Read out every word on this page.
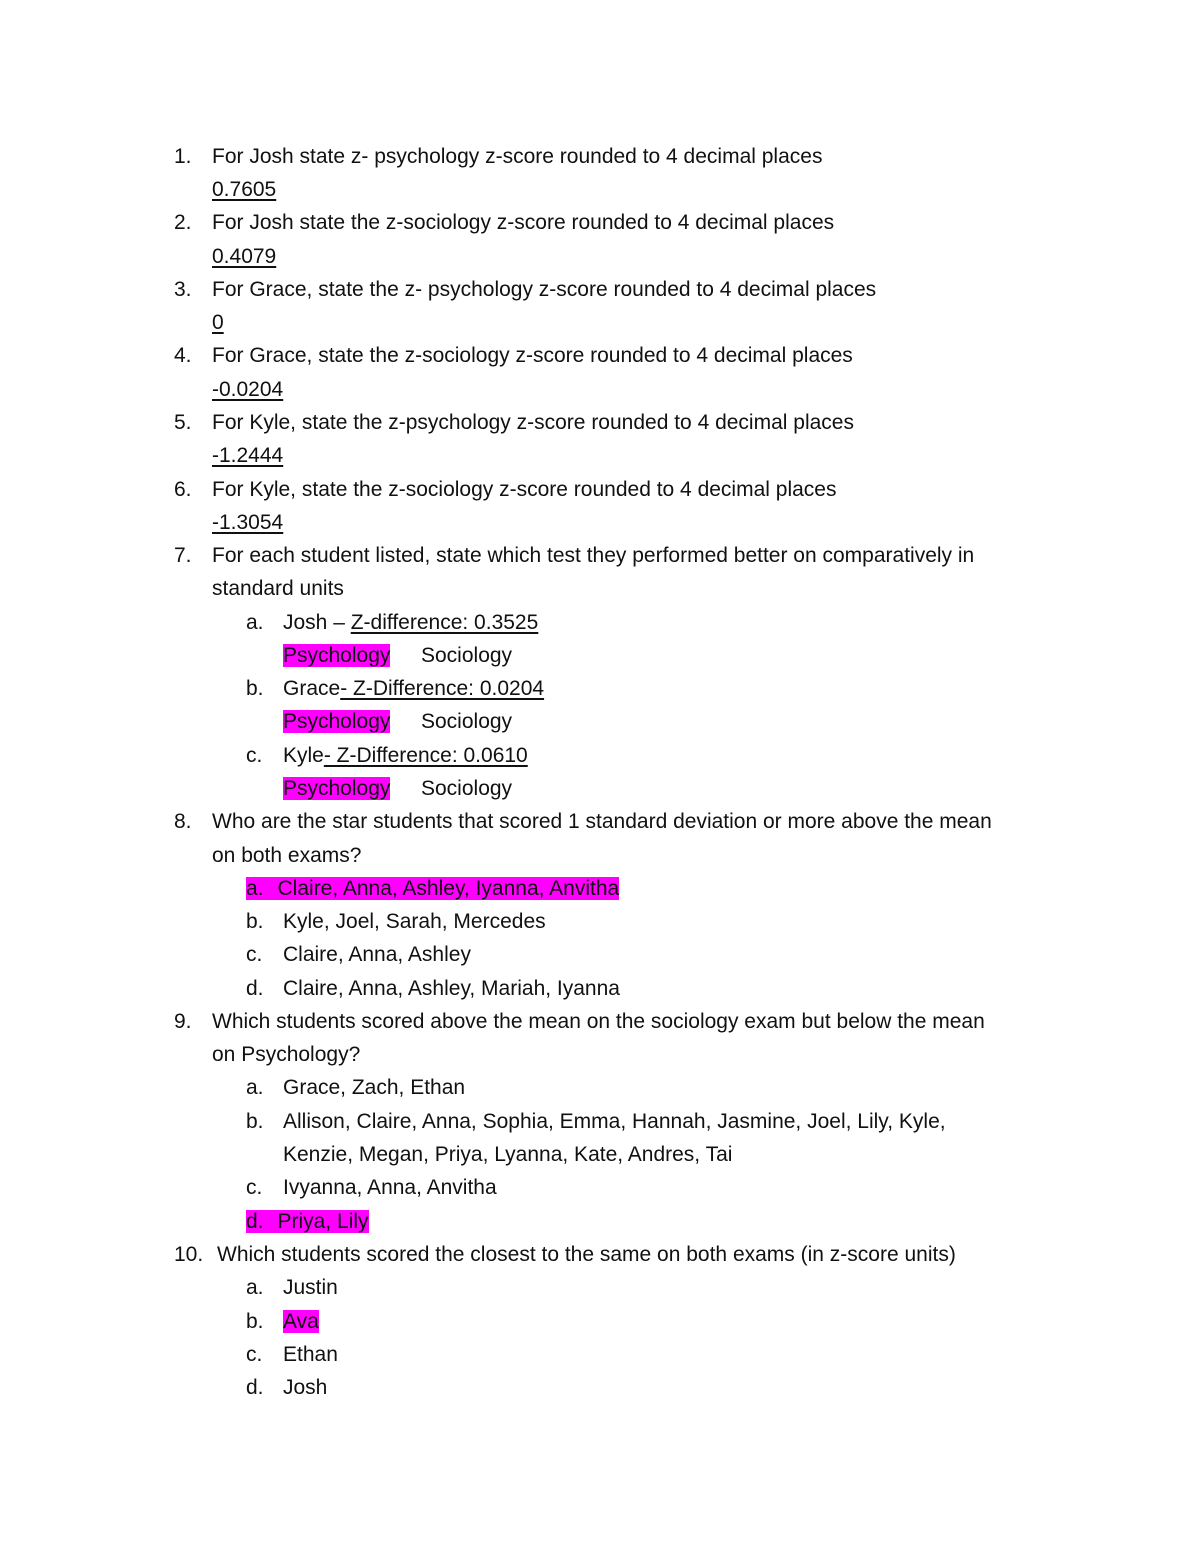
1. For Josh state z- psychology z-score rounded to 4 decimal places
0.7605
2. For Josh state the z-sociology z-score rounded to 4 decimal places
0.4079
3. For Grace, state the z- psychology z-score rounded to 4 decimal places
0
4. For Grace, state the z-sociology z-score rounded to 4 decimal places
-0.0204
5. For Kyle, state the z-psychology z-score rounded to 4 decimal places
-1.2444
6. For Kyle, state the z-sociology z-score rounded to 4 decimal places
-1.3054
7. For each student listed, state which test they performed better on comparatively in
standard units
a. Josh – Z-difference: 0.3525
Psychology Sociology
b. Grace- Z-Difference: 0.0204
Psychology Sociology
c. Kyle- Z-Difference: 0.0610
Psychology Sociology
8. Who are the star students that scored 1 standard deviation or more above the mean
on both exams?
a. Claire, Anna, Ashley, Iyanna, Anvitha
b. Kyle, Joel, Sarah, Mercedes
c. Claire, Anna, Ashley
d. Claire, Anna, Ashley, Mariah, Iyanna
9. Which students scored above the mean on the sociology exam but below the mean
on Psychology?
a. Grace, Zach, Ethan
b. Allison, Claire, Anna, Sophia, Emma, Hannah, Jasmine, Joel, Lily, Kyle,
Kenzie, Megan, Priya, Lyanna, Kate, Andres, Tai
c. Ivyanna, Anna, Anvitha
d. Priya, Lily
10. Which students scored the closest to the same on both exams (in z-score units)
a. Justin
b. Ava
c. Ethan
d. Josh
